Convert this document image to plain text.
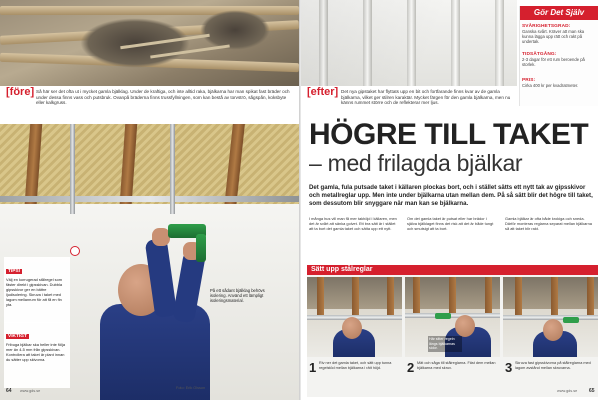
[före] Så här ser det ofta ut i mycket gamla bjälklag. Under de kraftiga, och inte alltid raka, bjälkarna har man spikat fast bräder och under dessa finns vass och putsbruk. Ovanpå bräderna finns trussfyllningen, som kan bestå av torvströ, sågspån, koksbyte eller kalkgruss.
TIPS!
Välj en korrugerad stålregel som fäster direkt i gipsskivan. Dubbla gipsskivor ger en bättre ljudisolering. Skruva i taket med lagom mellanrum för att få en fin yta.
VIKTIGT
Fribuga bjälkar ska heller inte följa mer än 4-5 mm från gipsskivan. Kontrollera att taket är plant innan du sätter upp skivorna.
På ett sådant bjälklag behövs isolering. Använd ett lämpligt isoleringsmaterial.
Foto: Erik Olsson
64 www.gds.se
[efter] Det nya gipstaket har flyttats upp en bit och fortfarande finns kvar av de gamla bjälkarna, vilket ger stilren karaktär. Mycket färgen för den gamla bjälkarna, men nu känns rummet större och de reflekterar mer ljus.
Gör Det Själv
SVÅRIGHETSGRAD:
Ganska svårt. Kräver att man ska kunna lägga upp rätt och rakt på undertak.
TIDSÅTGÅNG:
2-3 dagar för ett rum beroende på storlek.
PRIS:
Cirka 400 kr per kvadratmeter.
HÖGRE TILL TAKET
– med frilagda bjälkar
Det gamla, fula putsade taket i källaren plockas bort, och i stället sätts ett nytt tak av gipsskivor och metallreglar upp. Men inte under bjälkarna utan mellan dem. På så sätt blir det högre till taket, som dessutom blir snyggare när man kan se bjälkarna.
I många hus vill man få mer takhöjd i källaren, men det är svårt att sänka golvet. Ett bra sätt är i stället att ta bort det gamla taket och sätta upp ett nytt.
Om det gamla taket är putsat eller har brädor i själva bjälklaget finns det risk att det är både tungt och smutsigt att ta bort.
Gamla bjälkar är ofta både krokiga och sneda. Därför monteras reglarna separat mellan bjälkarna så att taket blir rakt.
Sätt upp stålreglar
1 Riv ner det gamla taket, och sätt upp tunna regelstöd mellan bjälkarna i rätt höjd.	2 Mät och såga till stålreglarna. Fäst dem mellan bjälkarna med skruv.	3 Skruva fast gipsskivorna på stålreglarna med lagom avstånd mellan skruvarna.
Här sitter regeln längs bjälkarnas sidor.
65
www.gds.se
